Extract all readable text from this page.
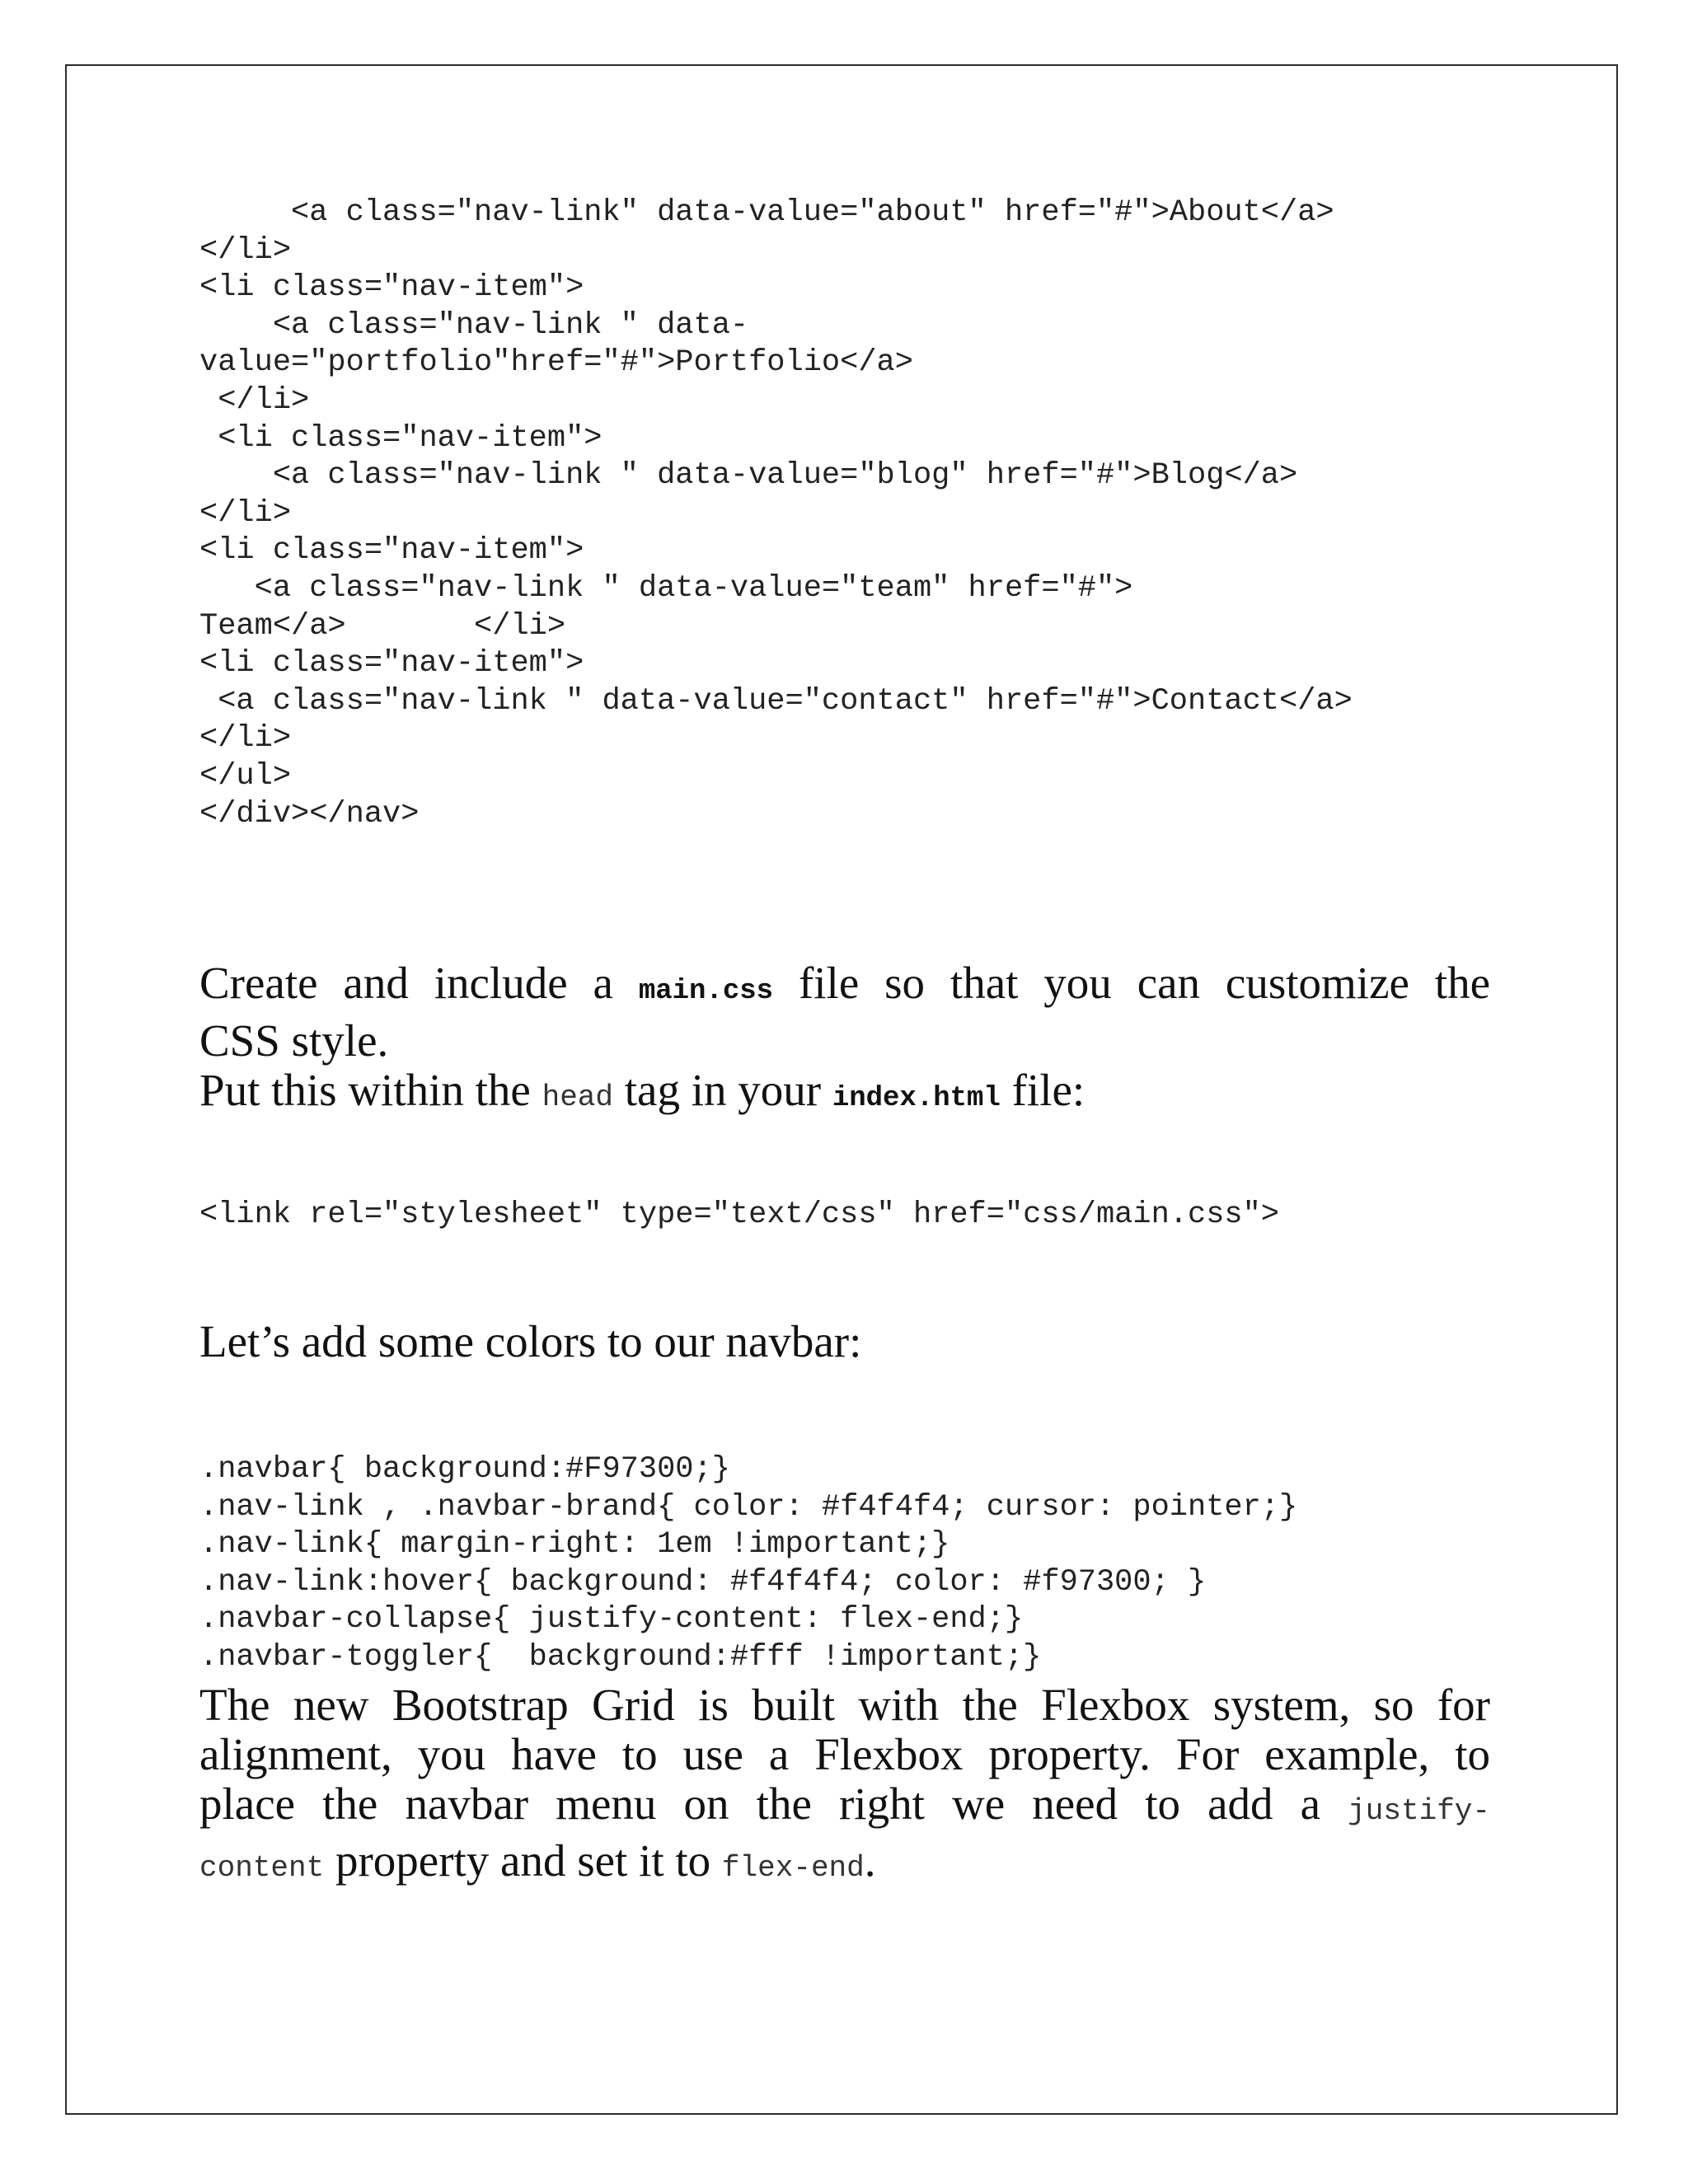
<a class="nav-link" data-value="about" href="#">About</a>
</li>
<li class="nav-item">
<a class="nav-link " data-
value="portfolio"href="#">Portfolio</a>
</li>
<li class="nav-item">
<a class="nav-link " data-value="blog" href="#">Blog</a>
</li>
<li class="nav-item">
<a class="nav-link " data-value="team" href="#">
Team</a>       </li>
<li class="nav-item">
<a class="nav-link " data-value="contact" href="#">Contact</a>
</li>
</ul>
</div></nav>
Create and include a main.css file so that you can customize the
CSS style.
Put this within the head tag in your index.html file:
<link rel="stylesheet" type="text/css" href="css/main.css">
Let’s add some colors to our navbar:
.navbar{ background:#F97300;}
.nav-link , .navbar-brand{ color: #f4f4f4; cursor: pointer;}
.nav-link{ margin-right: 1em !important;}
.nav-link:hover{ background: #f4f4f4; color: #f97300; }
.navbar-collapse{ justify-content: flex-end;}
.navbar-toggler{  background:#fff !important;}
The new Bootstrap Grid is built with the Flexbox system, so for
alignment, you have to use a Flexbox property. For example, to
place the navbar menu on the right we need to add a justify-
content property and set it to flex-end.
